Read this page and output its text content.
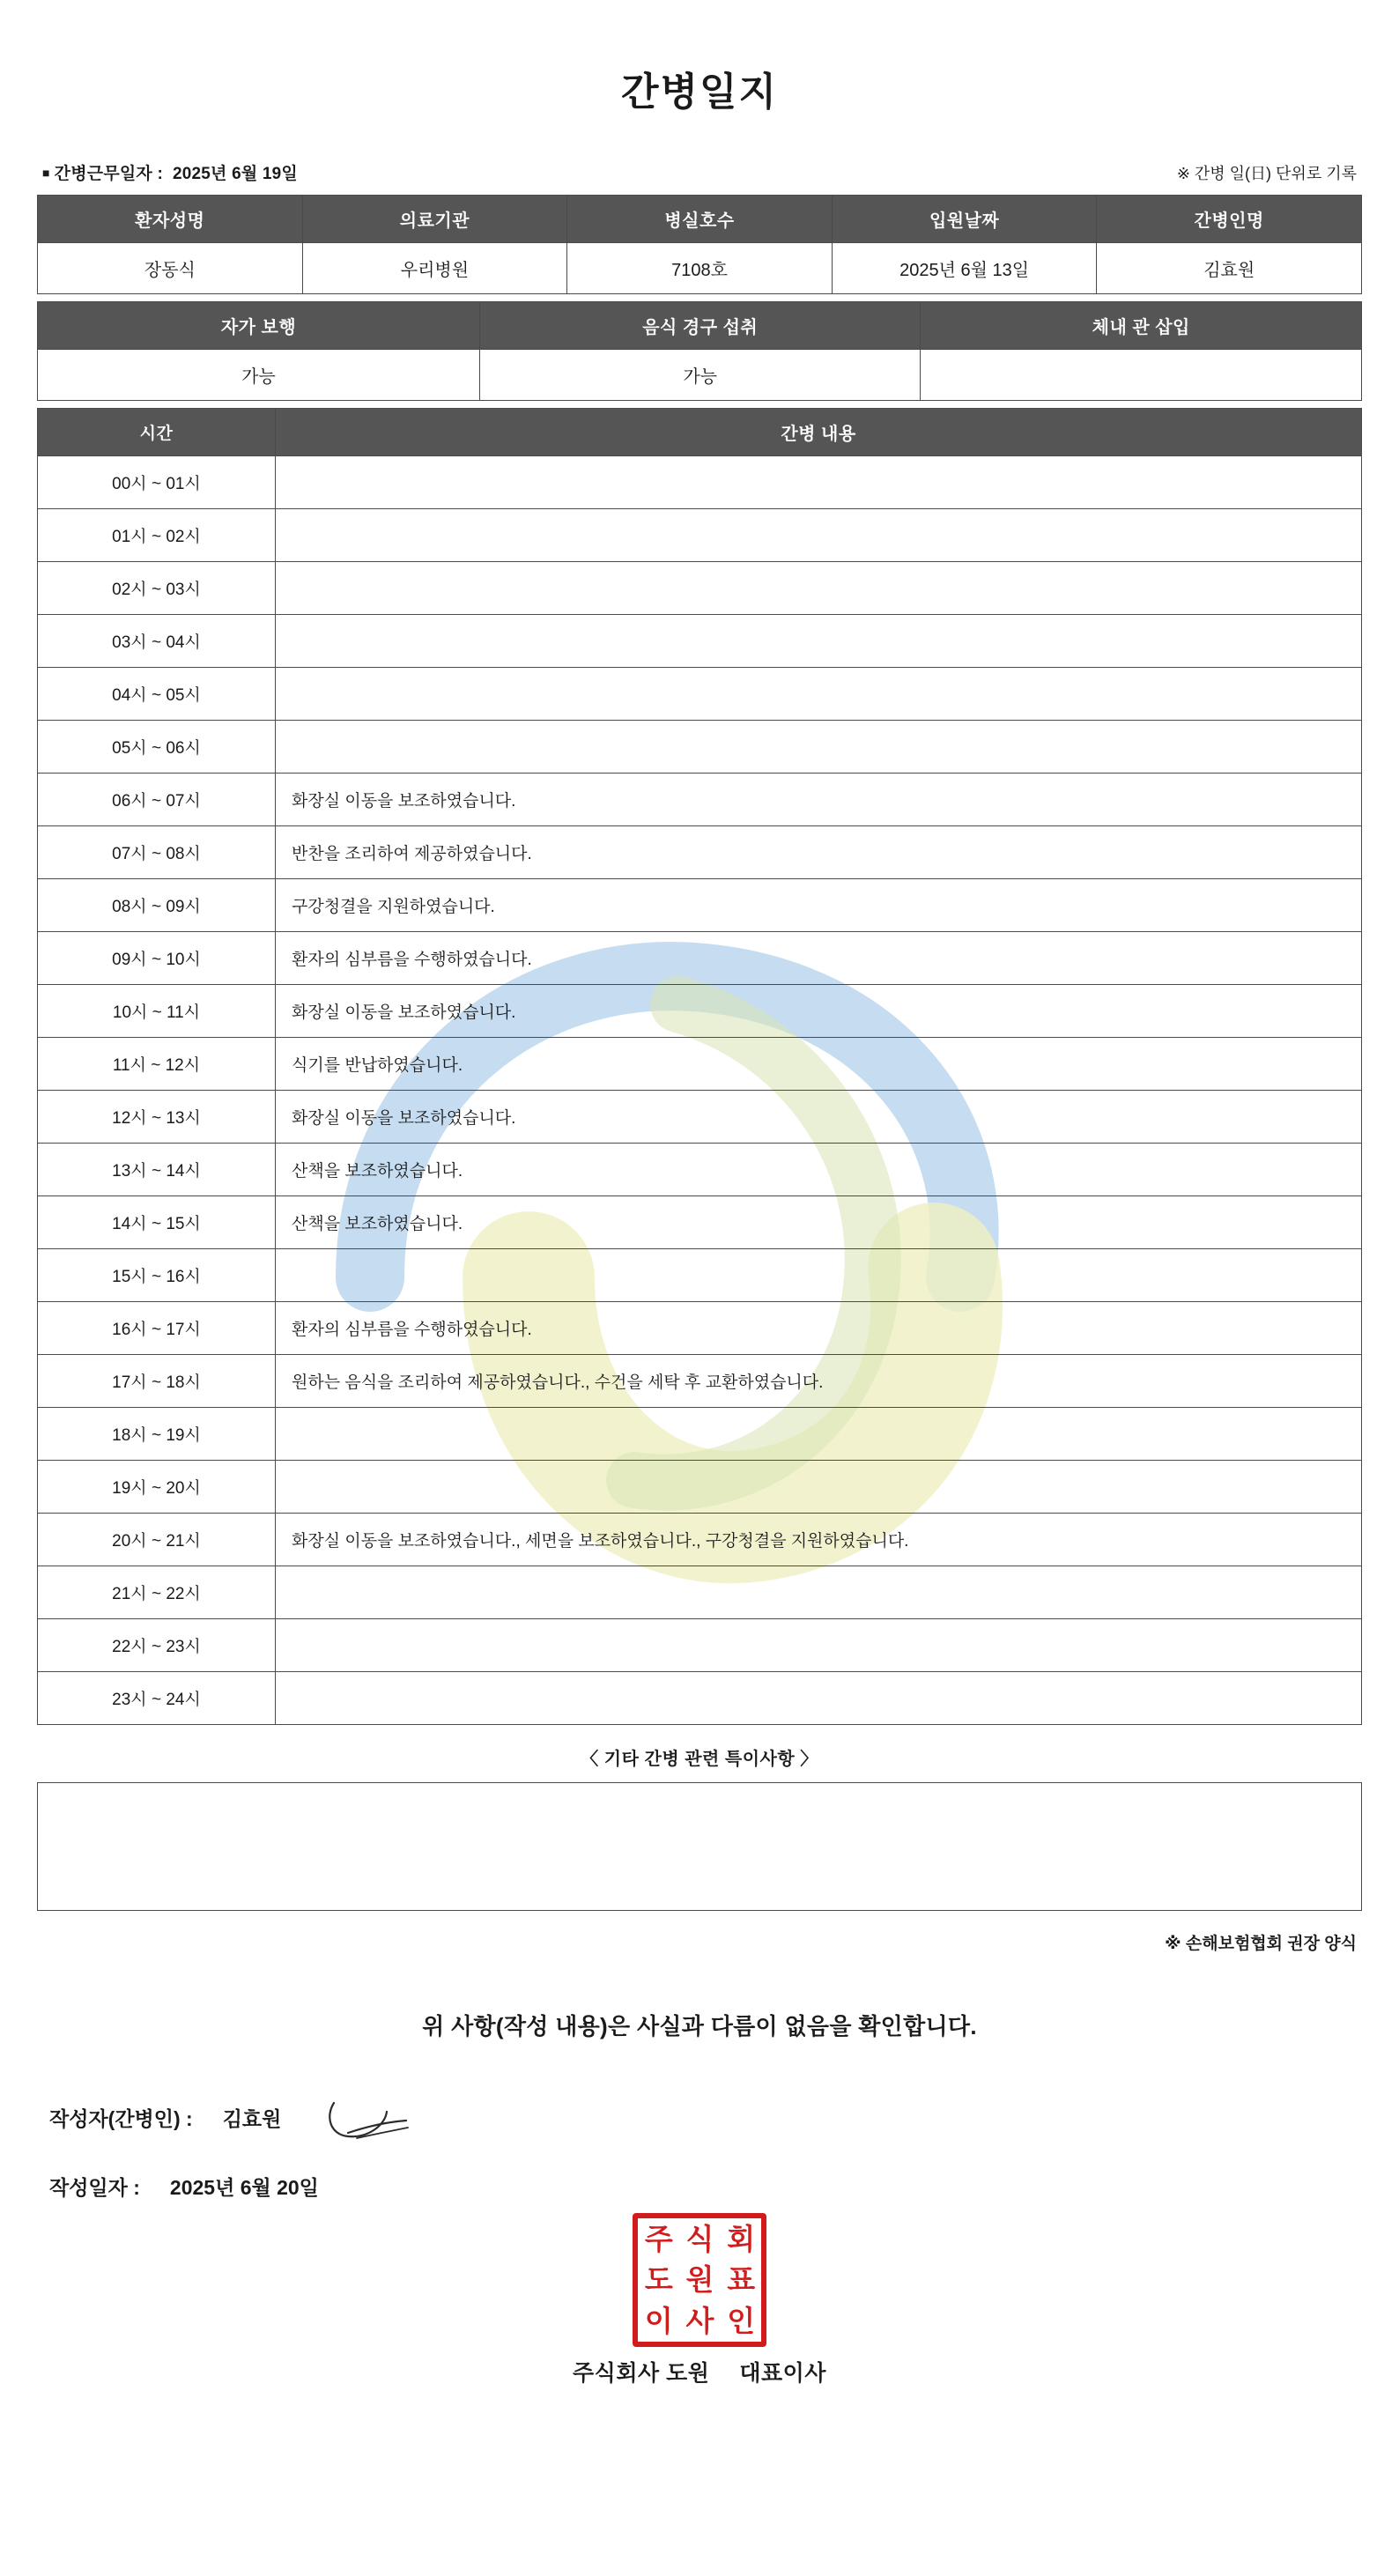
간병일지
■ 간병근무일자 : 2025년 6월 19일	※ 간병 일(日) 단위로 기록
환자성명	의료기관	병실호수	입원날짜	간병인명
장동식	우리병원	7108호	2025년 6월 13일	김효원
자가 보행	음식 경구 섭취	체내 관 삽입
가능	가능	
시간	간병 내용
00시 ~ 01시	
01시 ~ 02시	
02시 ~ 03시	
03시 ~ 04시	
04시 ~ 05시	
05시 ~ 06시	
06시 ~ 07시	화장실 이동을 보조하였습니다.
07시 ~ 08시	반찬을 조리하여 제공하였습니다.
08시 ~ 09시	구강청결을 지원하였습니다.
09시 ~ 10시	환자의 심부름을 수행하였습니다.
10시 ~ 11시	화장실 이동을 보조하였습니다.
11시 ~ 12시	식기를 반납하였습니다.
12시 ~ 13시	화장실 이동을 보조하였습니다.
13시 ~ 14시	산책을 보조하였습니다.
14시 ~ 15시	산책을 보조하였습니다.
15시 ~ 16시	
16시 ~ 17시	환자의 심부름을 수행하였습니다.
17시 ~ 18시	원하는 음식을 조리하여 제공하였습니다., 수건을 세탁 후 교환하였습니다.
18시 ~ 19시	
19시 ~ 20시	
20시 ~ 21시	화장실 이동을 보조하였습니다., 세면을 보조하였습니다., 구강청결을 지원하였습니다.
21시 ~ 22시	
22시 ~ 23시	
23시 ~ 24시	
〈 기타 간병 관련 특이사항 〉
※ 손해보험협회 권장 양식
위 사항(작성 내용)은 사실과 다름이 없음을 확인합니다.
작성자(간병인) : 김효원
작성일자 : 2025년 6월 20일
주 식 회
도 원 표
이 사 인
주식회사 도원 대표이사
